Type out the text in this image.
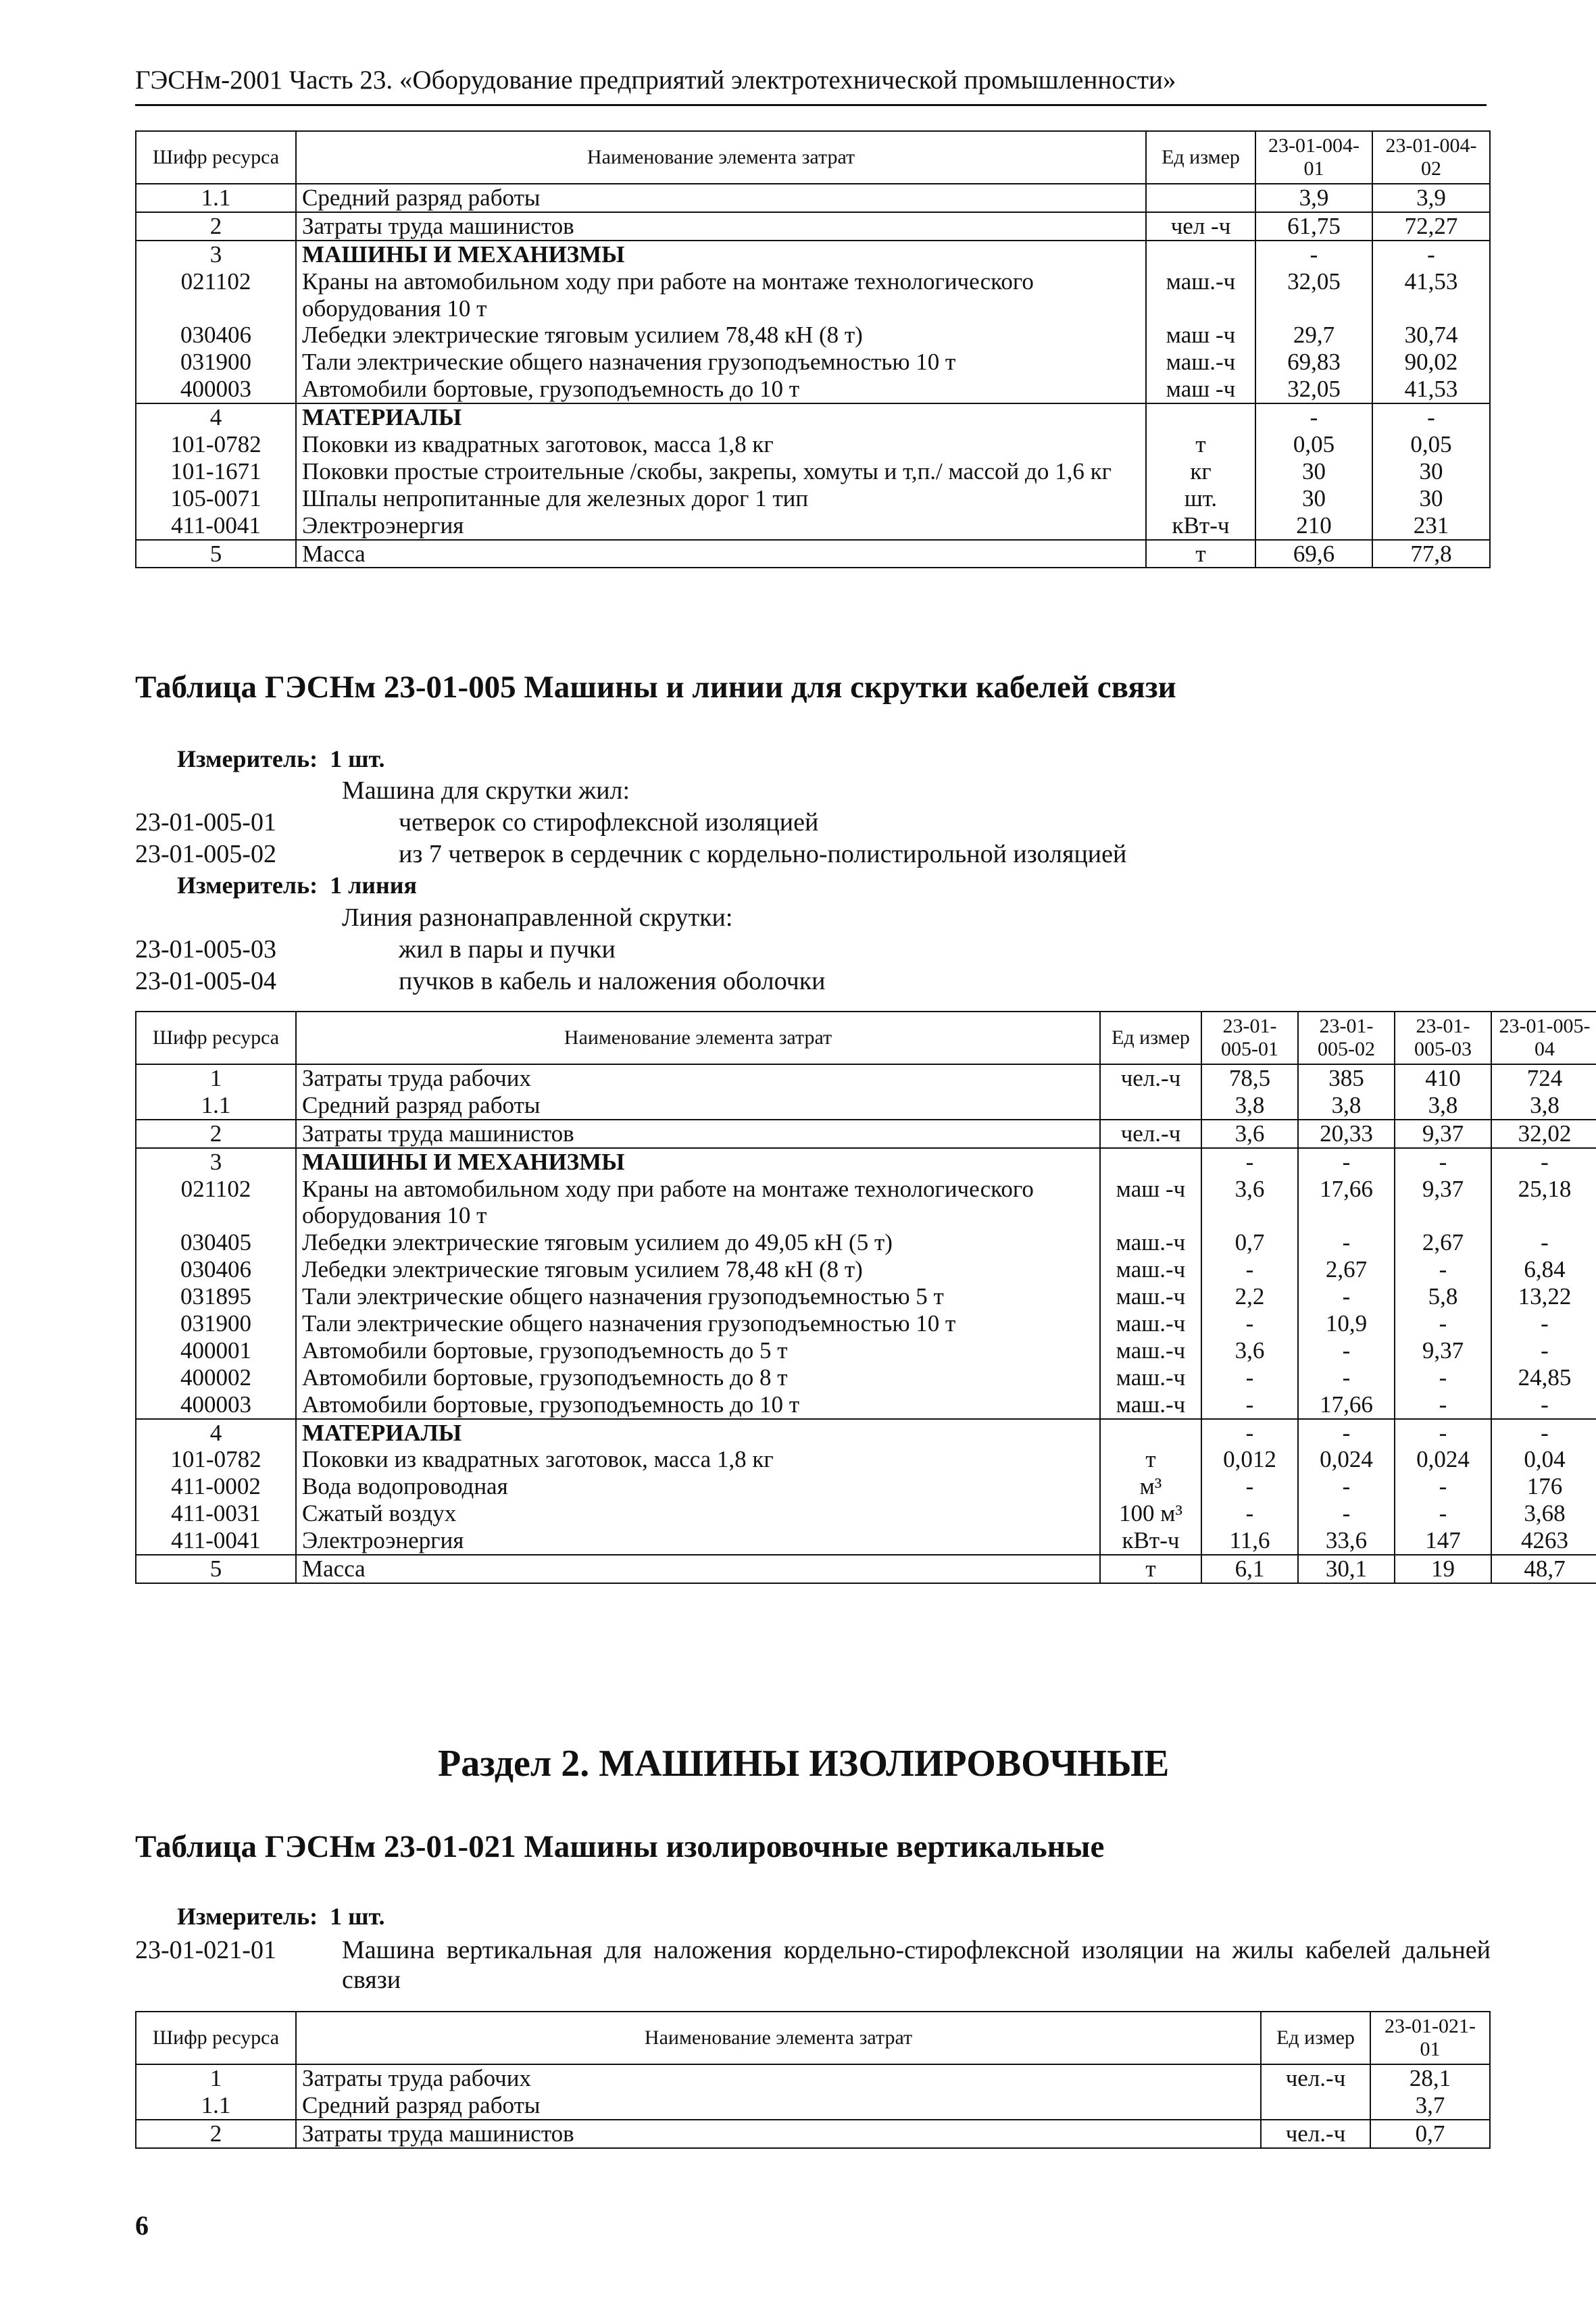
ГЭСНм-2001 Часть 23. «Оборудование предприятий электротехнической промышленности»
Шифр ресурса	Наименование элемента затрат	Ед измер	23-01-004-01	23-01-004-02
1.1	Средний разряд работы		3,9	3,9
2	Затраты труда машинистов	чел -ч	61,75	72,27
3	МАШИНЫ И МЕХАНИЗМЫ		-	-
021102	Краны на автомобильном ходу при работе на монтаже технологического оборудования 10 т	маш.-ч	32,05	41,53
030406	Лебедки электрические тяговым усилием 78,48 кН (8 т)	маш -ч	29,7	30,74
031900	Тали электрические общего назначения грузоподъемностью 10 т	маш.-ч	69,83	90,02
400003	Автомобили бортовые, грузоподъемность до 10 т	маш -ч	32,05	41,53
4	МАТЕРИАЛЫ		-	-
101-0782	Поковки из квадратных заготовок, масса 1,8 кг	т	0,05	0,05
101-1671	Поковки простые строительные /скобы, закрепы, хомуты и т,п./ массой до 1,6 кг	кг	30	30
105-0071	Шпалы непропитанные для железных дорог 1 тип	шт.	30	30
411-0041	Электроэнергия	кВт-ч	210	231
5	Масса	т	69,6	77,8
Таблица ГЭСНм 23-01-005 Машины и линии для скрутки кабелей связи
Измеритель: 1 шт.
Машина для скрутки жил:
23-01-005-01	четверок со стирофлексной изоляцией
23-01-005-02	из 7 четверок в сердечник с кордельно-полистирольной изоляцией
Измеритель: 1 линия
Линия разнонаправленной скрутки:
23-01-005-03	жил в пары и пучки
23-01-005-04	пучков в кабель и наложения оболочки
Шифр ресурса	Наименование элемента затрат	Ед измер	23-01-005-01	23-01-005-02	23-01-005-03	23-01-005-04
1	Затраты труда рабочих	чел.-ч	78,5	385	410	724
1.1	Средний разряд работы		3,8	3,8	3,8	3,8
2	Затраты труда машинистов	чел.-ч	3,6	20,33	9,37	32,02
3	МАШИНЫ И МЕХАНИЗМЫ		-	-	-	-
021102	Краны на автомобильном ходу при работе на монтаже технологического оборудования 10 т	маш -ч	3,6	17,66	9,37	25,18
030405	Лебедки электрические тяговым усилием до 49,05 кН (5 т)	маш.-ч	0,7	-	2,67	-
030406	Лебедки электрические тяговым усилием 78,48 кН (8 т)	маш.-ч	-	2,67	-	6,84
031895	Тали электрические общего назначения грузоподъемностью 5 т	маш.-ч	2,2	-	5,8	13,22
031900	Тали электрические общего назначения грузоподъемностью 10 т	маш.-ч	-	10,9	-	-
400001	Автомобили бортовые, грузоподъемность до 5 т	маш.-ч	3,6	-	9,37	-
400002	Автомобили бортовые, грузоподъемность до 8 т	маш.-ч	-	-	-	24,85
400003	Автомобили бортовые, грузоподъемность до 10 т	маш.-ч	-	17,66	-	-
4	МАТЕРИАЛЫ		-	-	-	-
101-0782	Поковки из квадратных заготовок, масса 1,8 кг	т	0,012	0,024	0,024	0,04
411-0002	Вода водопроводная	м³	-	-	-	176
411-0031	Сжатый воздух	100 м³	-	-	-	3,68
411-0041	Электроэнергия	кВт-ч	11,6	33,6	147	4263
5	Масса	т	6,1	30,1	19	48,7
Раздел 2. МАШИНЫ ИЗОЛИРОВОЧНЫЕ
Таблица ГЭСНм 23-01-021 Машины изолировочные вертикальные
Измеритель: 1 шт.
23-01-021-01	Машина вертикальная для наложения кордельно-стирофлексной изоляции на жилы кабелей дальней связи
Шифр ресурса	Наименование элемента затрат	Ед измер	23-01-021-01
1	Затраты труда рабочих	чел.-ч	28,1
1.1	Средний разряд работы		3,7
2	Затраты труда машинистов	чел.-ч	0,7
6
